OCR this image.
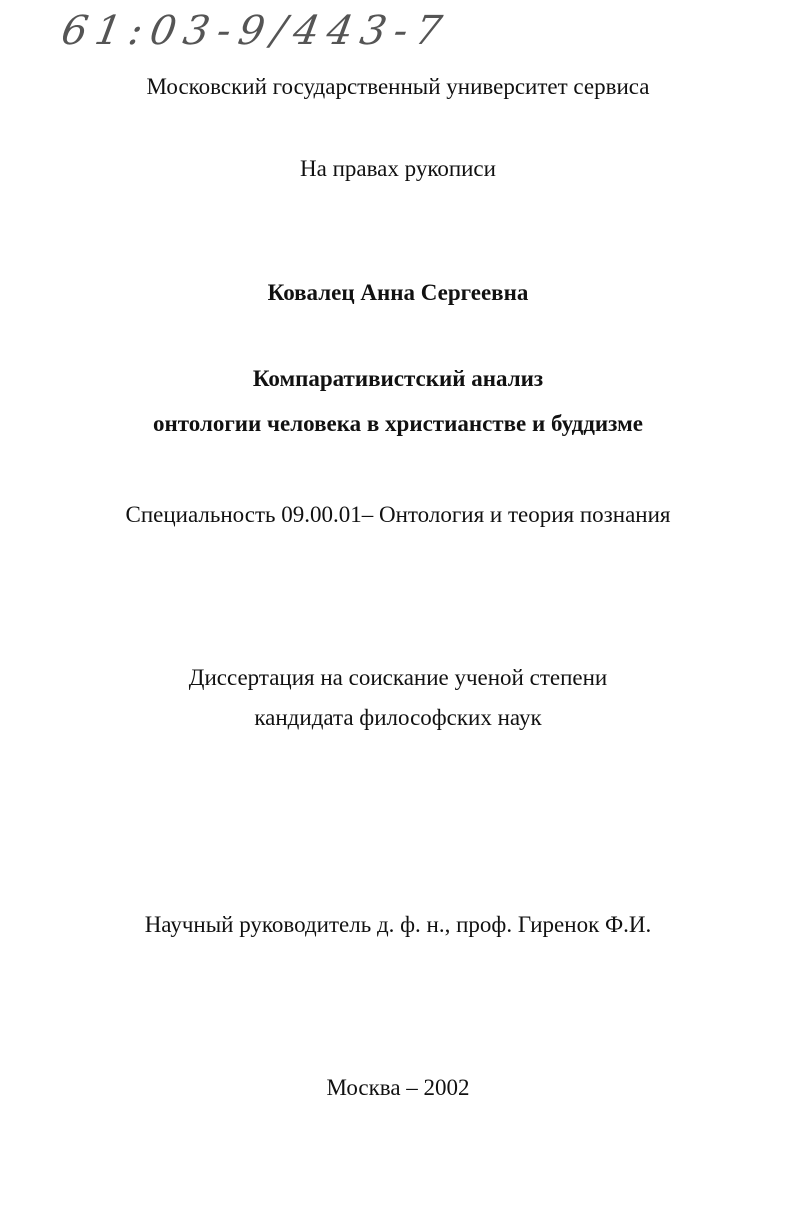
61:03-9/443-7
Московский государственный университет сервиса
На правах рукописи
Ковалец Анна Сергеевна
Компаративистский анализ
онтологии человека в христианстве и буддизме
Специальность 09.00.01– Онтология и теория познания
Диссертация на соискание ученой степени
кандидата философских наук
Научный руководитель д. ф. н., проф. Гиренок Ф.И.
Москва – 2002
